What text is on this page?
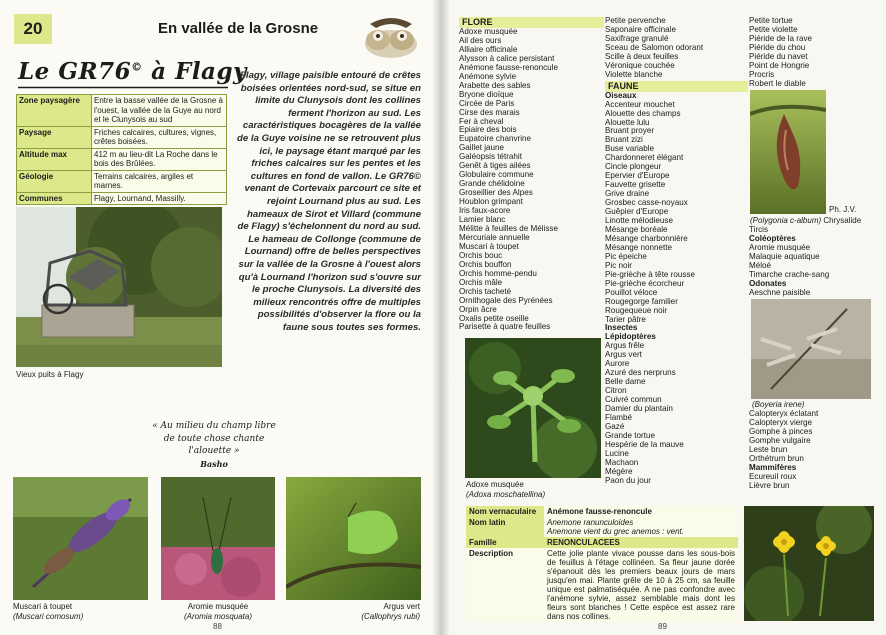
20	En vallée de la Grosne
Le GR76© à Flagy
Zone paysagère	Entre la basse vallée de la Grosne à l'ouest, la vallée de la Guye au nord et le Clunysois au sud
Paysage	Friches calcaires, cultures, vignes, crêtes boisées.
Altitude max	412 m au lieu-dit La Roche dans le bois des Brûlées.
Géologie	Terrains calcaires, argiles et marnes.
Communes	Flagy, Lournand, Massilly.
Vieux puits à Flagy
Flagy, village paisible entouré de crêtes boisées orientées nord-sud, se situe en limite du Clunysois dont les collines ferment l'horizon au sud. Les caractéristiques bocagères de la vallée de la Guye voisine ne se retrouvent plus ici, le paysage étant marqué par les friches calcaires sur les pentes et les cultures en fond de vallon. Le GR76© venant de Cortevaix parcourt ce site et rejoint Lournand plus au sud. Les hameaux de Sirot et Villard (commune de Flagy) s'échelonnent du nord au sud. Le hameau de Collonge (commune de Lournand) offre de belles perspectives sur la vallée de la Grosne à l'ouest alors qu'à Lournand l'horizon sud s'ouvre sur le proche Clunysois. La diversité des milieux rencontrés offre de multiples possibilités d'observer la flore ou la faune sous toutes ses formes.
« Au milieu du champ libre de toute chose chante l'alouette »
Basho
Muscari à toupet
(Muscari comosum)
Aromie musquée
(Aromia mosquata)
Argus vert
(Callophrys rubi)
88
FLORE
Adoxe musquée
Ail des ours
Alliaire officinale
Alysson à calice persistant
Anémone fausse-renoncule
Anémone sylvie
Arabette des sables
Bryone dioïque
Circée de Paris
Cirse des marais
Fer à cheval
Epiaire des bois
Eupatoire chanvrine
Gaillet jaune
Galéopsis tétrahit
Genêt à tiges ailées
Globulaire commune
Grande chélidoine
Groseillier des Alpes
Houblon grimpant
Iris faux-acore
Lamier blanc
Mélitte à feuilles de Mélisse
Mercuriale annuelle
Muscari à toupet
Orchis bouc
Orchis bouffon
Orchis homme-pendu
Orchis mâle
Orchis tacheté
Ornithogale des Pyrénées
Orpin âcre
Oxalis petite oseille
Parisette à quatre feuilles
Adoxe musquée
(Adoxa moschatellina)
Petite pervenche
Saponaire officinale
Saxifrage granulé
Sceau de Salomon odorant
Scille à deux feuilles
Véronique couchée
Violette blanche
FAUNE
Oiseaux
Accenteur mouchet
Alouette des champs
Alouette lulu
Bruant proyer
Bruant zizi
Buse variable
Chardonneret élégant
Cincle plongeur
Epervier d'Europe
Fauvette grisette
Grive draine
Grosbec casse-noyaux
Guêpier d'Europe
Linotte mélodieuse
Mésange boréale
Mésange charbonnière
Mésange nonnette
Pic épeiche
Pic noir
Pie-grièche à tête rousse
Pie-grièche écorcheur
Pouillot véloce
Rougegorge familier
Rougequeue noir
Tarier pâtre
Insectes
Lépidoptères
Argus frêle
Argus vert
Aurore
Azuré des nerpruns
Belle dame
Citron
Cuivré commun
Damier du plantain
Flambé
Gazé
Grande tortue
Hespérie de la mauve
Lucine
Machaon
Mégère
Paon du jour
Petite tortue
Petite violette
Piéride de la rave
Piéride du chou
Piéride du navet
Point de Hongrie
Procris
Robert le diable
Ph. J.V.
(Polygonia c-album) Chrysalide
Tircis
Coléoptères
Aromie musquée
Malaquie aquatique
Méloé
Timarche crache-sang
Odonates
Aeschne paisible
(Boyeria irene)
Calopteryx éclatant
Calopteryx vierge
Gomphe à pinces
Gomphe vulgaire
Leste brun
Orthétrum brun
Mammifères
Ecureuil roux
Lièvre brun
Nom vernaculaire	Anémone fausse-renoncule
Nom latin	Anemone ranunculoides
Anemone vient du grec anemos : vent.

Famille	RENONCULACEES
Description	Cette jolie plante vivace pousse dans les sous-bois de feuillus à l'étage collinéen. Sa fleur jaune dorée s'épanouit dès les premiers beaux jours de mars jusqu'en mai. Plante grêle de 10 à 25 cm, sa feuille unique est palmatiséquée. A ne pas confondre avec l'anémone sylvie, assez semblable mais dont les fleurs sont blanches ! Cette espèce est assez rare dans nos collines.
89
